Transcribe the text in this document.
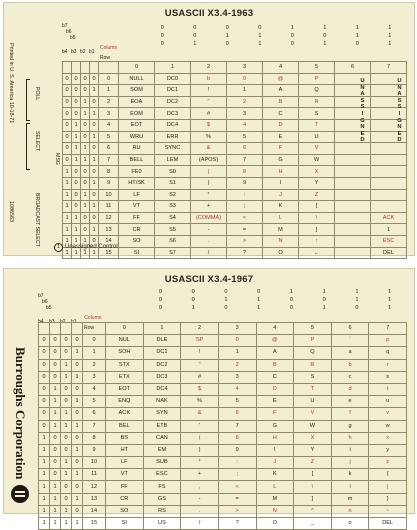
USASCII X3.4-1963
Printed in U. S. America 10-18-71
1086563
POLL
SELECT
MSG
BROADCAST SELECT
b7
b6
b5
b4 b3 b2 b1
Column
Row
0	0	0	0	1	1	1	1
0	0	1	1	0	0	1	1
0	1	0	1	0	1	0	1
					0	1	2	3	4	5	6	7
0	0	0	0	0	NULL	DC0	b	0	@	P		
0	0	0	1	1	SOM	DC1	!	1	A	Q		
0	0	1	0	2	EOA	DC2	"	2	B	R		
0	0	1	1	3	EOM	DC3	#	3	C	S		
0	1	0	0	4	EOT	DC4	$	4	D	T		
0	1	0	1	5	WRU	ERR	%	5	E	U		
0	1	1	0	6	RU	SYNC	&	6	F	V		
0	1	1	1	7	BELL	LEM	(APOS)	7	G	W		
1	0	0	0	8	FE0	S0	(	8	H	X		
1	0	0	1	9	HT/SK	S1	)	9	I	Y		
1	0	1	0	10	LF	S2	*	:	J	Z		
1	0	1	1	11	VT	S3	+	;	K	[		
1	1	0	0	12	FF	S4	(COMMA)	<	L	\		ACK
1	1	0	1	13	CR	S5	-	=	M	]		1
1	1	1	0	14	SO	S6	.	>	N	↑		ESC
1	1	1	1	15	SI	S7	/	?	O	←		DEL
U
N
A
S
S
I
G
N
E
D
U
N
A
S
S
I
G
N
E
D
1 Unassigned Control
USASCII X3.4-1967
Burroughs Corporation
0	0	0	0	1	1	1	1
0	0	1	1	0	0	1	1
0	1	0	1	0	1	0	1
b7
b6
b5
b4 b3 b2 b1
Column
Row
						0	1	2	3	4	5	6	7
0	0	0	0	0	NUL	DLE	SP	0	@	P	`	p
0	0	0	1	1	SOH	DC1	!	1	A	Q	a	q
0	0	1	0	2	STX	DC2	"	2	B	R	b	r
0	0	1	1	3	ETX	DC3	#	3	C	S	c	s
0	1	0	0	4	EOT	DC4	$	4	D	T	d	t
0	1	0	1	5	ENQ	NAK	%	5	E	U	e	u
0	1	1	0	6	ACK	SYN	&	6	F	V	f	v
0	1	1	1	7	BEL	ETB	'	7	G	W	g	w
1	0	0	0	8	BS	CAN	(	8	H	X	h	x
1	0	0	1	9	HT	EM	)	9	I	Y	i	y
1	0	1	0	10	LF	SUB	*	:	J	Z	j	z
1	0	1	1	11	VT	ESC	+	;	K	[	k	{
1	1	0	0	12	FF	FS	,	<	L	\	l	|
1	1	0	1	13	CR	GS	-	=	M	]	m	}
1	1	1	0	14	SO	RS	.	>	N	^	n	~
1	1	1	1	15	SI	US	/	?	O	_	o	DEL
